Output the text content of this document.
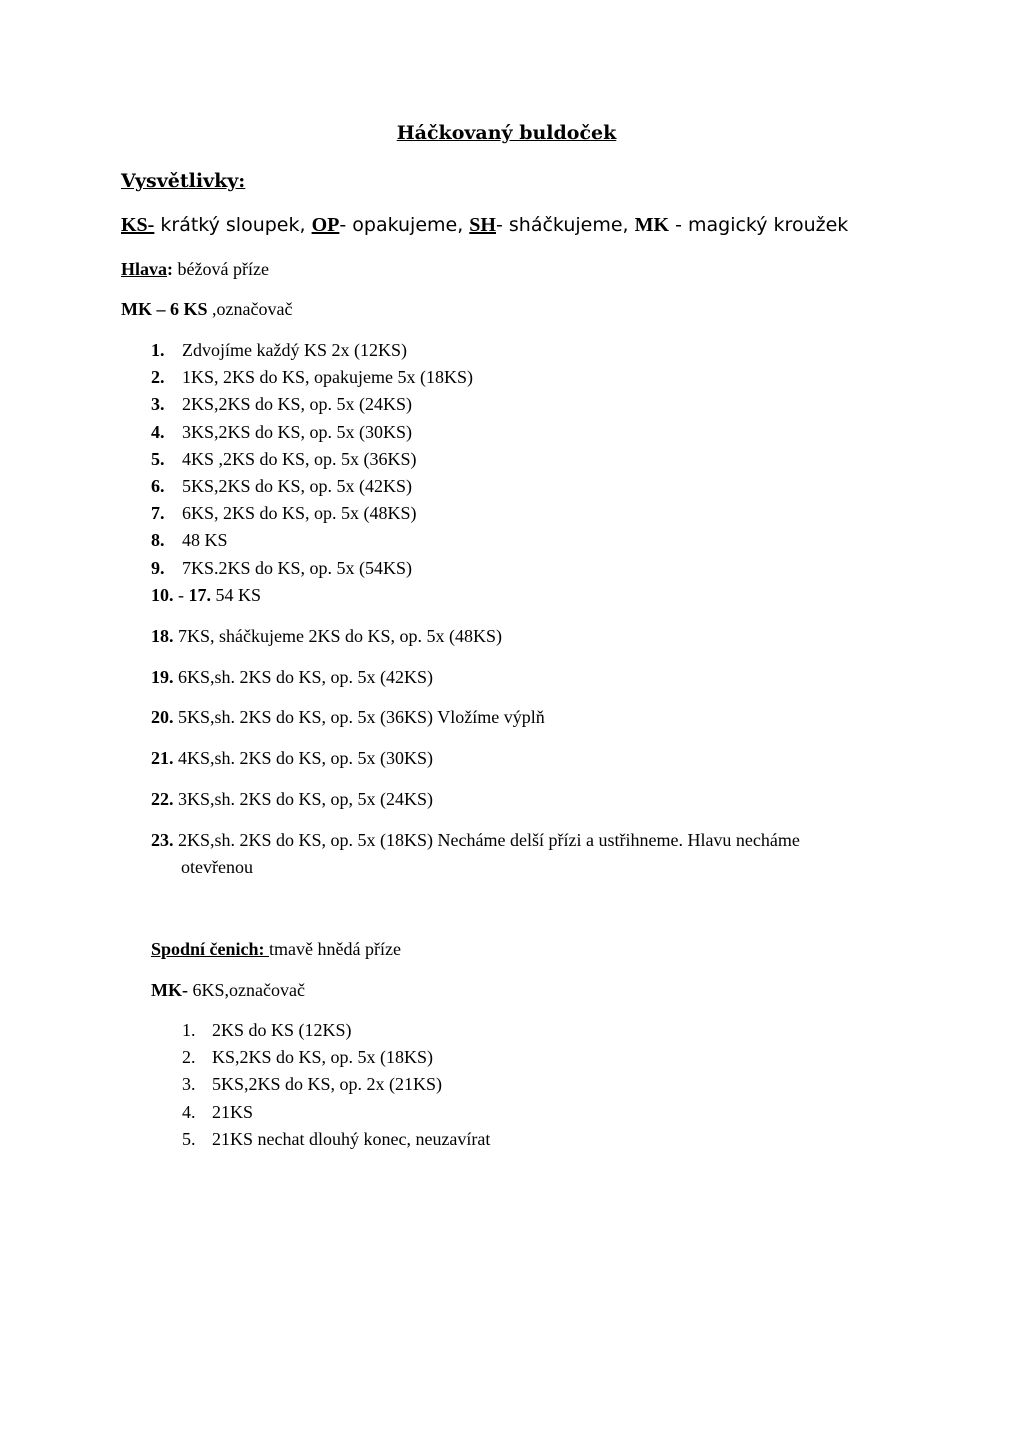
Háčkovaný buldoček
Vysvětlivky:
KS- krátký sloupek, OP- opakujeme, SH- sháčkujeme, MK - magický kroužek
Hlava: béžová příze
MK – 6 KS ,označovač
1. Zdvojíme každý KS 2x (12KS)
2. 1KS, 2KS do KS, opakujeme 5x (18KS)
3. 2KS,2KS do KS, op. 5x (24KS)
4. 3KS,2KS do KS, op. 5x (30KS)
5. 4KS ,2KS do KS, op. 5x (36KS)
6. 5KS,2KS do KS, op. 5x (42KS)
7. 6KS, 2KS do KS, op. 5x (48KS)
8. 48 KS
9. 7KS.2KS do KS, op. 5x (54KS)
10. - 17. 54 KS
18. 7KS, sháčkujeme 2KS do KS, op. 5x (48KS)
19. 6KS,sh. 2KS do KS, op. 5x (42KS)
20. 5KS,sh. 2KS do KS, op. 5x (36KS) Vložíme výplň
21. 4KS,sh. 2KS do KS, op. 5x (30KS)
22. 3KS,sh. 2KS do KS, op, 5x (24KS)
23. 2KS,sh. 2KS do KS, op. 5x (18KS) Necháme delší přízi a ustřihneme. Hlavu necháme
otevřenou
Spodní čenich: tmavě hnědá příze
MK- 6KS,označovač
1. 2KS do KS (12KS)
2. KS,2KS do KS, op. 5x (18KS)
3. 5KS,2KS do KS, op. 2x (21KS)
4. 21KS
5. 21KS nechat dlouhý konec, neuzavírat
